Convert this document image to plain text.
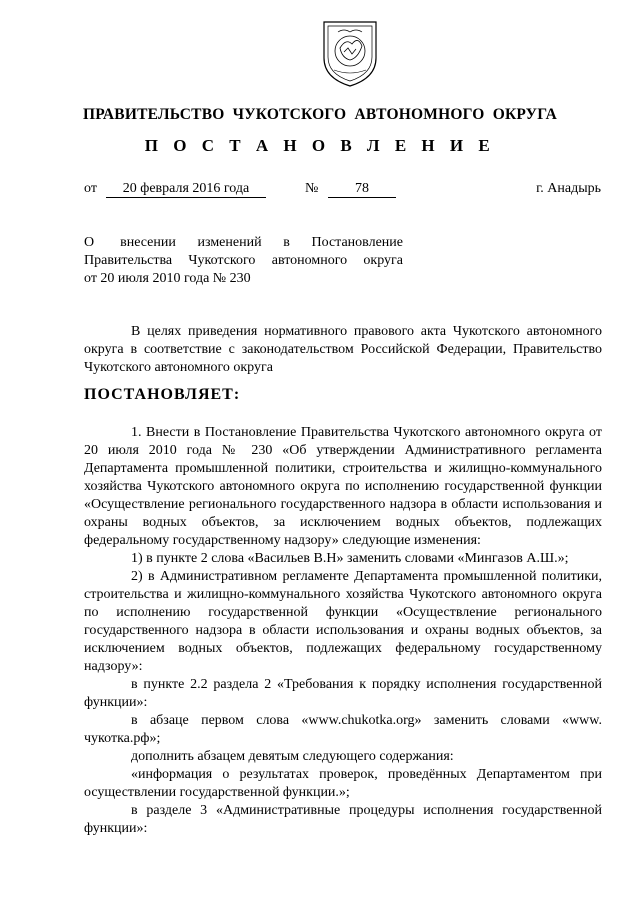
ПРАВИТЕЛЬСТВО  ЧУКОТСКОГО  АВТОНОМНОГО  ОКРУГА
П О С Т А Н О В Л Е Н И Е
от	20 февраля 2016 года	№	78	г. Анадырь
О      внесении     изменений     в     Постановление
Правительства  Чукотского  автономного  округа
от 20 июля 2010 года № 230

В целях приведения нормативного правового акта Чукотского автономного округа в соответствие с законодательством Российской Федерации, Правительство Чукотского автономного округа

ПОСТАНОВЛЯЕТ:

1. Внести в Постановление Правительства Чукотского автономного округа от 20 июля 2010 года № 230 «Об утверждении Административного регламента Департамента промышленной политики, строительства и жилищно-коммунального хозяйства Чукотского автономного округа по исполнению государственной функции «Осуществление регионального государственного надзора в области использования и охраны водных объектов, за исключением водных объектов, подлежащих федеральному государственному надзору» следующие изменения:

1) в пункте 2 слова «Васильев В.Н» заменить словами «Мингазов А.Ш.»;

2) в Административном регламенте Департамента промышленной политики, строительства и жилищно-коммунального хозяйства Чукотского автономного округа по исполнению государственной функции «Осуществление регионального государственного надзора в области использования и охраны водных объектов, за исключением водных объектов, подлежащих федеральному государственному надзору»:

в пункте 2.2 раздела 2 «Требования к порядку исполнения государственной функции»:

в абзаце первом слова «www.chukotka.org» заменить словами «www. чукотка.рф»;

дополнить абзацем девятым следующего содержания:

«информация о результатах проверок, проведённых Департаментом при осуществлении государственной функции.»;

в разделе 3 «Административные процедуры исполнения государственной функции»:
